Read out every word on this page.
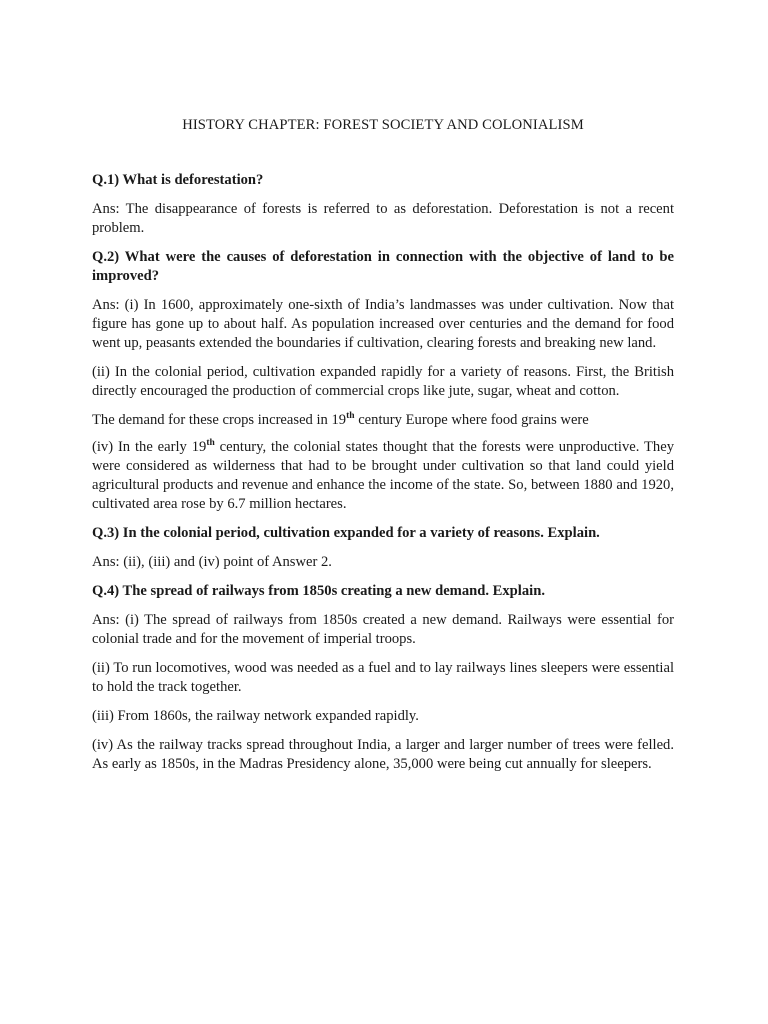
HISTORY CHAPTER: FOREST SOCIETY AND COLONIALISM

Q.1) What is deforestation?

Ans: The disappearance of forests is referred to as deforestation. Deforestation is not a recent problem.

Q.2) What were the causes of deforestation in connection with the objective of land to be improved?

Ans: (i) In 1600, approximately one-sixth of India’s landmasses was under cultivation. Now that figure has gone up to about half. As population increased over centuries and the demand for food went up, peasants extended the boundaries if cultivation, clearing forests and breaking new land.

(ii) In the colonial period, cultivation expanded rapidly for a variety of reasons. First, the British directly encouraged the production of commercial crops like jute, sugar, wheat and cotton.

The demand for these crops increased in 19th century Europe where food grains were

(iv) In the early 19th century, the colonial states thought that the forests were unproductive. They were considered as wilderness that had to be brought under cultivation so that land could yield agricultural products and revenue and enhance the income of the state. So, between 1880 and 1920, cultivated area rose by 6.7 million hectares.

Q.3) In the colonial period, cultivation expanded for a variety of reasons. Explain.

Ans: (ii), (iii) and (iv) point of Answer 2.

Q.4) The spread of railways from 1850s creating a new demand. Explain.

Ans: (i) The spread of railways from 1850s created a new demand. Railways were essential for colonial trade and for the movement of imperial troops.

(ii) To run locomotives, wood was needed as a fuel and to lay railways lines sleepers were essential to hold the track together.

(iii) From 1860s, the railway network expanded rapidly.

(iv) As the railway tracks spread throughout India, a larger and larger number of trees were felled. As early as 1850s, in the Madras Presidency alone, 35,000 were being cut annually for sleepers.
